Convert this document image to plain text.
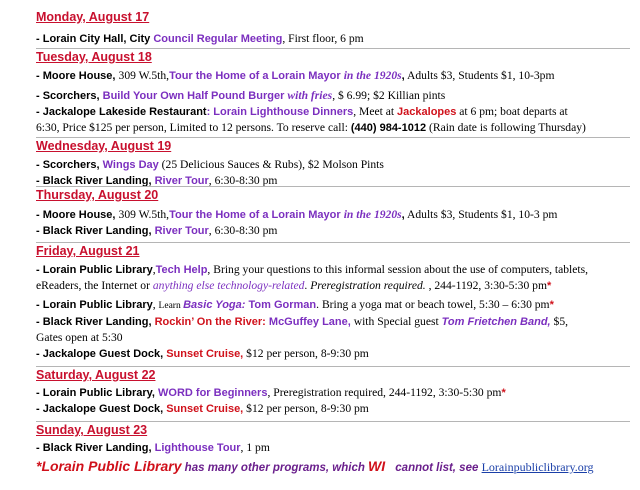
Monday, August 17
- Lorain City Hall, City Council Regular Meeting, First floor, 6 pm
Tuesday, August 18
- Moore House, 309 W.5th,Tour the Home of a Lorain Mayor in the 1920s, Adults $3, Students $1, 10-3pm
- Scorchers, Build Your Own Half Pound Burger with fries, $ 6.99; $2 Killian pints
- Jackalope Lakeside Restaurant: Lorain Lighthouse Dinners, Meet at Jackalopes at 6 pm; boat departs at
6:30, Price $125 per person, Limited to 12 persons. To reserve call: (440) 984-1012 (Rain date is following Thursday)
Wednesday, August 19
- Scorchers, Wings Day (25 Delicious Sauces & Rubs), $2 Molson Pints
- Black River Landing, River Tour, 6:30-8:30 pm
Thursday, August 20
- Moore House, 309 W.5th,Tour the Home of a Lorain Mayor in the 1920s, Adults $3, Students $1, 10-3 pm
- Black River Landing, River Tour, 6:30-8:30 pm
Friday, August 21
- Lorain Public Library,Tech Help, Bring your questions to this informal session about the use of computers, tablets,
eReaders, the Internet or anything else technology-related. Preregistration required. , 244-1192, 3:30-5:30 pm*
- Lorain Public Library, Learn Basic Yoga: Tom Gorman. Bring a yoga mat or beach towel, 5:30 – 6:30 pm*
- Black River Landing, Rockin’ On the River: McGuffey Lane, with Special guest Tom Frietchen Band, $5,
Gates open at 5:30
- Jackalope Guest Dock, Sunset Cruise, $12 per person, 8-9:30 pm
Saturday, August 22
- Lorain Public Library, WORD for Beginners, Preregistration required, 244-1192, 3:30-5:30 pm*
- Jackalope Guest Dock, Sunset Cruise, $12 per person, 8-9:30 pm
Sunday, August 23
- Black River Landing, Lighthouse Tour, 1 pm
*Lorain Public Library has many other programs, which WI cannot list, see Lorainpubliclibrary.org
